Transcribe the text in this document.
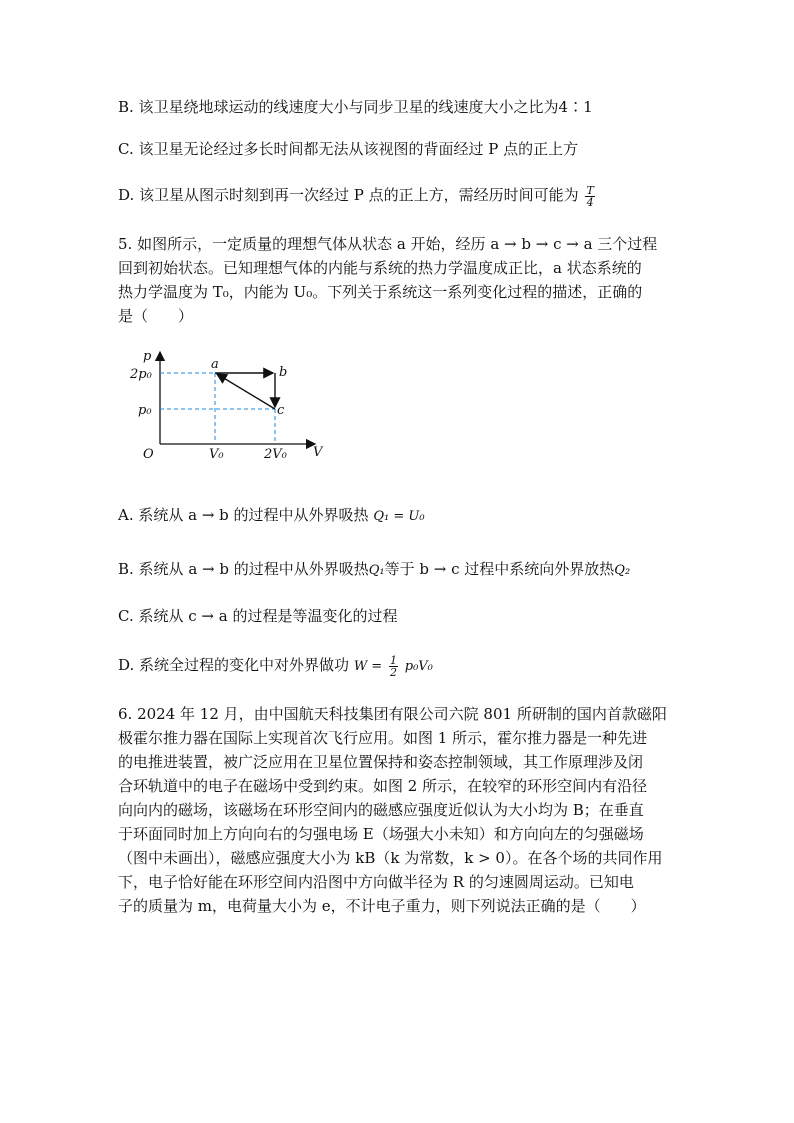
B. 该卫星绕地球运动的线速度大小与同步卫星的线速度大小之比为4∶1
C. 该卫星无论经过多长时间都无法从该视图的背面经过 P 点的正上方
D. 该卫星从图示时刻到再一次经过 P 点的正上方，需经历时间可能为 $\frac{T}{4}$
5. 如图所示，一定质量的理想气体从状态 a 开始，经历 a → b → c → a 三个过程
回到初始状态。已知理想气体的内能与系统的热力学温度成正比，a 状态系统的
热力学温度为 T₀，内能为 U₀。下列关于系统这一系列变化过程的描述，正确的
是（　　）
p
V
O
2p₀
p₀
V₀	2V₀
a
b
c
A. 系统从 a → b 的过程中从外界吸热 Q₁ = U₀
B. 系统从 a → b 的过程中从外界吸热Q₁等于 b → c 过程中系统向外界放热Q₂
C. 系统从 c → a 的过程是等温变化的过程
D. 系统全过程的变化中对外界做功 $W = \frac{1}{2} p_0V_0$
6. 2024 年 12 月，由中国航天科技集团有限公司六院 801 所研制的国内首款磁阳
极霍尔推力器在国际上实现首次飞行应用。如图 1 所示，霍尔推力器是一种先进
的电推进装置，被广泛应用在卫星位置保持和姿态控制领域，其工作原理涉及闭
合环轨道中的电子在磁场中受到约束。如图 2 所示，在较窄的环形空间内有沿径
向向内的磁场，该磁场在环形空间内的磁感应强度近似认为大小均为 B；在垂直
于环面同时加上方向向右的匀强电场 E（场强大小未知）和方向向左的匀强磁场
（图中未画出），磁感应强度大小为 kB（k 为常数，k > 0）。在各个场的共同作用
下，电子恰好能在环形空间内沿图中方向做半径为 R 的匀速圆周运动。已知电
子的质量为 m，电荷量大小为 e，不计电子重力，则下列说法正确的是（　　）
